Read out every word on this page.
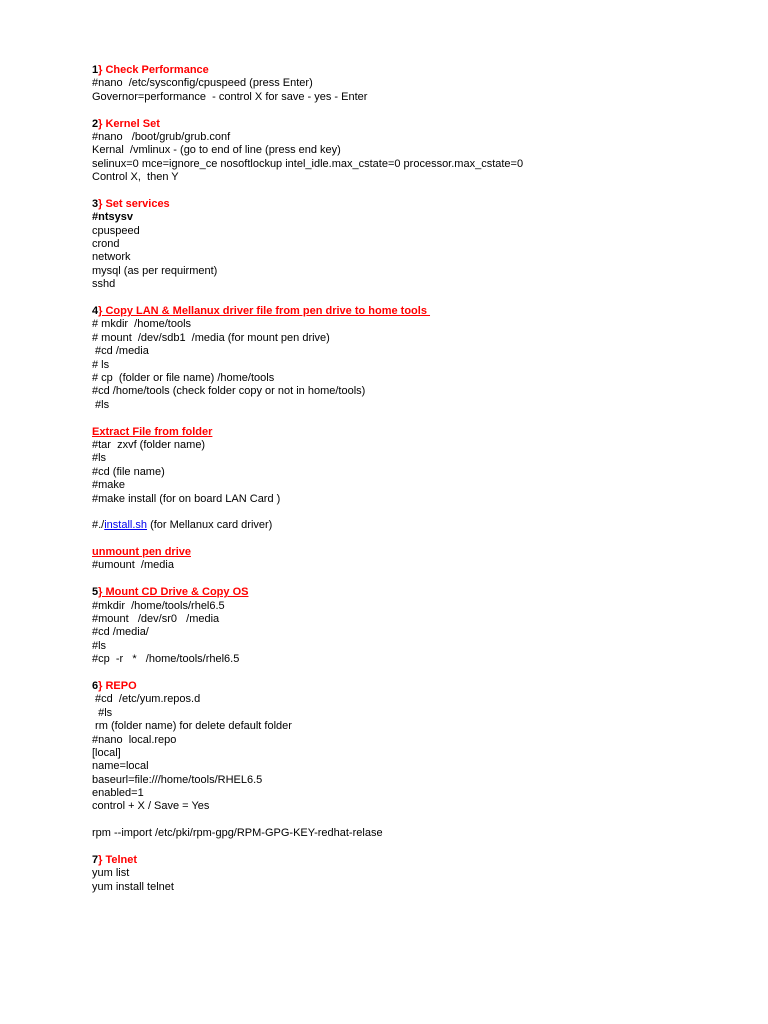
1} Check Performance
#nano  /etc/sysconfig/cpuspeed (press Enter)
Governor=performance  - control X for save - yes - Enter
2} Kernel Set
#nano   /boot/grub/grub.conf
Kernal  /vmlinux - (go to end of line (press end key)
selinux=0 mce=ignore_ce nosoftlockup intel_idle.max_cstate=0 processor.max_cstate=0
Control X,  then Y
3} Set services
#ntsysv
cpuspeed
crond
network
mysql (as per requirment)
sshd
4} Copy LAN & Mellanux driver file from pen drive to home tools
# mkdir  /home/tools
# mount  /dev/sdb1  /media (for mount pen drive)
#cd /media
# ls
# cp  (folder or file name) /home/tools
#cd /home/tools (check folder copy or not in home/tools)
#ls
Extract File from folder
#tar  zxvf (folder name)
#ls
#cd (file name)
#make
#make install (for on board LAN Card )
#./install.sh (for Mellanux card driver)
unmount pen drive
#umount  /media
5} Mount CD Drive & Copy OS
#mkdir  /home/tools/rhel6.5
#mount   /dev/sr0   /media
#cd /media/
#ls
#cp  -r   *   /home/tools/rhel6.5
6} REPO
#cd  /etc/yum.repos.d
#ls
rm (folder name) for delete default folder
#nano  local.repo
[local]
name=local
baseurl=file:///home/tools/RHEL6.5
enabled=1
control + X / Save = Yes
rpm --import /etc/pki/rpm-gpg/RPM-GPG-KEY-redhat-relase
7} Telnet
yum list
yum install telnet
